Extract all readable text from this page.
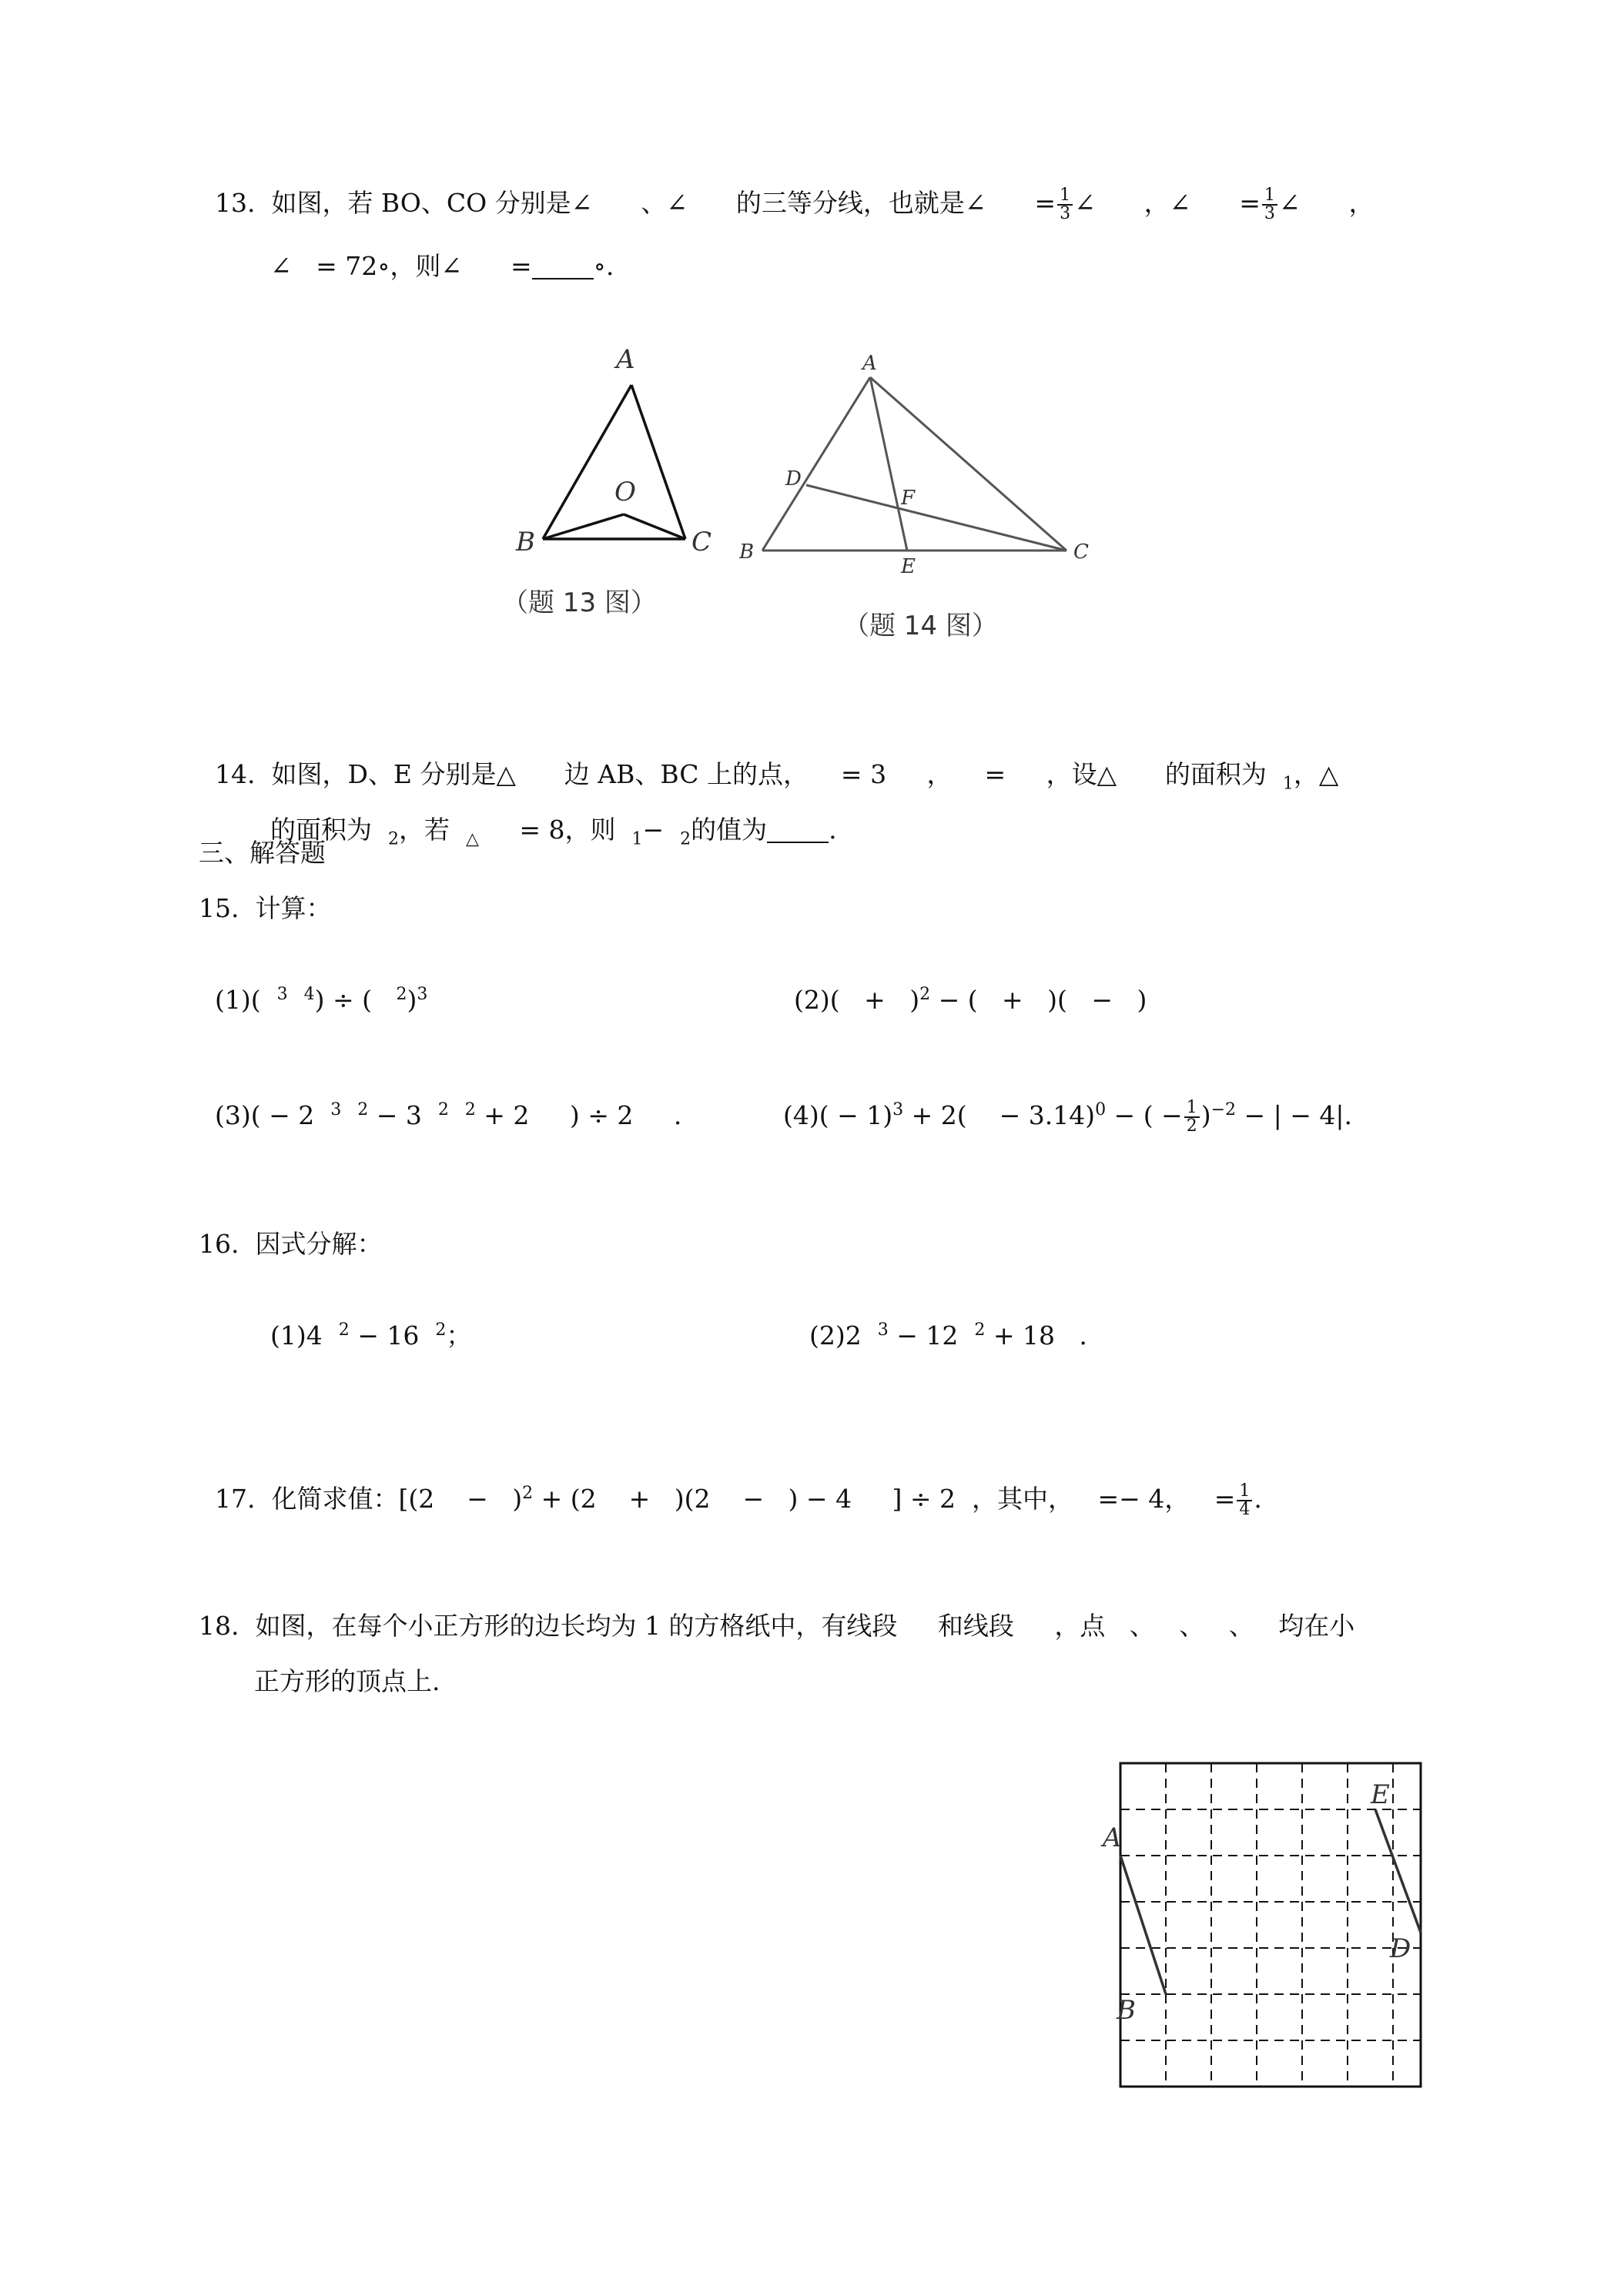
13.  如图，若 BO、CO 分别是∠      、∠      的三等分线，也就是∠      = $\frac{1}{3}$ ∠      ，∠      = $\frac{1}{3}$ ∠      ，

∠   = 72∘，则∠      = ∘.

A
B	C
O
（题 13 图）
A
B	C
D
E
F
（题 14 图）

14.  如图，D、E 分别是△      边 AB、BC 上的点，    = 3     ，    =     ，设△      的面积为  $_1$，△

的面积为  $_2$，若  $_\triangle$     = 8，则  $_1$−  $_2$的值为 .

三、解答题
15.  计算：

(1)(  $^3$ $^4$) ÷ (   $^2$)$^3$	$(2)( + )^2$ − (   +   )(   −   )

(3)( − 2  $^3$ $^2$ − 3  $^2$ $^2$ + 2     ) ÷ 2     .	$(4)( - 1)^3 + 2$(    − 3.14)$^0$ − ( − $\frac{1}{2} )^{-2}$ − | − 4|.

16.  因式分解：

(1)4  $^2$ − 16  $^2$；	(2)2  $^3$ − 12  $^2$ + 18   .

17.  化简求值：[(2    −   )$^2$ + (2    +   )(2    −   ) − 4     ] ÷ 2  ，其中，   =− 4，   = $\frac{1}{4}$ .

18.  如图，在每个小正方形的边长均为 1 的方格纸中，有线段     和线段     ，点   、   、   、   均在小
正方形的顶点上.
A
B
D
E
